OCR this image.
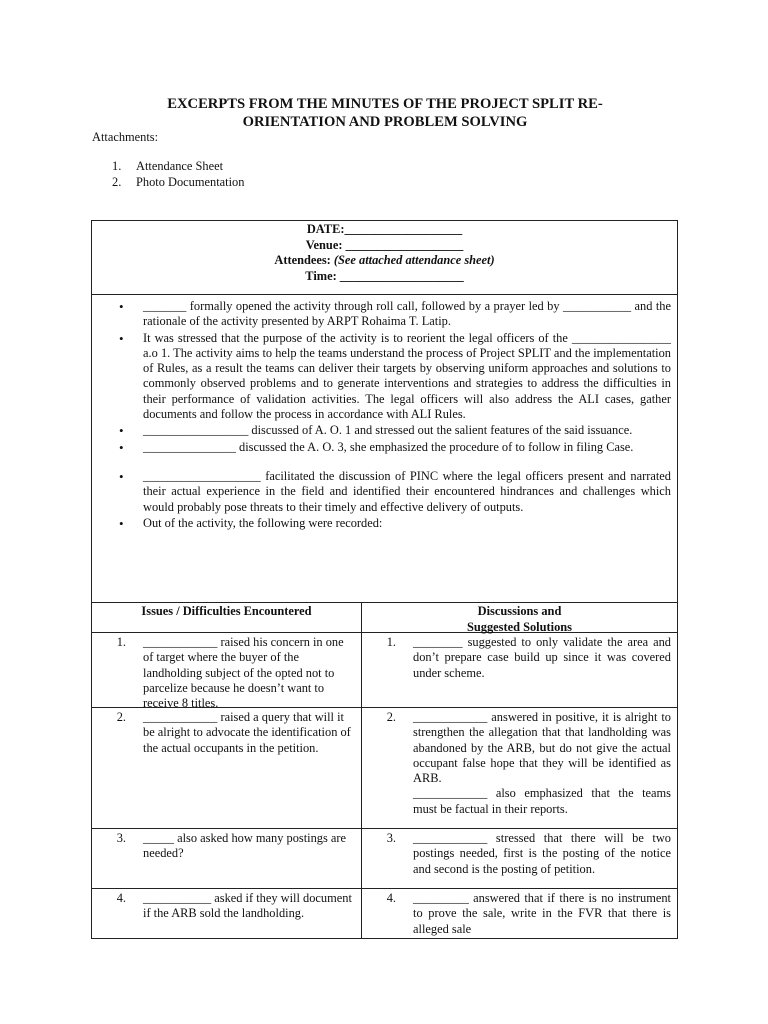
EXCERPTS FROM THE MINUTES OF THE PROJECT SPLIT RE-
ORIENTATION AND PROBLEM SOLVING
Attachments:
1.	Attendance Sheet
2.	Photo Documentation
DATE:___________________
Venue: ___________________
Attendees: (See attached attendance sheet)
Time: ____________________
• _______ formally opened the activity through roll call, followed by a prayer led by ___________ and the rationale of the activity presented by ARPT Rohaima T. Latip.
• It was stressed that the purpose of the activity is to reorient the legal officers of the ________________ a.o 1. The activity aims to help the teams understand the process of Project SPLIT and the implementation of Rules, as a result the teams can deliver their targets by observing uniform approaches and solutions to commonly observed problems and to generate interventions and strategies to address the difficulties in their performance of validation activities. The legal officers will also address the ALI cases, gather documents and follow the process in accordance with ALI Rules.
• _________________ discussed of A. O. 1 and stressed out the salient features of the said issuance.
• _______________ discussed the A. O. 3, she emphasized the procedure of to follow in filing Case.
• ___________________ facilitated the discussion of PINC where the legal officers present and narrated their actual experience in the field and identified their encountered hindrances and challenges which would probably pose threats to their timely and effective delivery of outputs.
• Out of the activity, the following were recorded:
Issues / Difficulties Encountered	Discussions and
Suggested Solutions
1.	____________ raised his concern in one of target where the buyer of the landholding subject of the opted not to parcelize because he doesn’t want to receive 8 titles.
1.	________ suggested to only validate the area and don’t prepare case build up since it was covered under scheme.
2.	____________ raised a query that will it be alright to advocate the identification of the actual occupants in the petition.
2.	____________ answered in positive, it is alright to strengthen the allegation that that landholding was abandoned by the ARB, but do not give the actual occupant false hope that they will be identified as ARB.
____________ also emphasized that the teams must be factual in their reports.
3.	_____ also asked how many postings are needed?
3.	____________ stressed that there will be two postings needed, first is the posting of the notice and second is the posting of petition.
4.	___________ asked if they will document if the ARB sold the landholding.
4.	_________ answered that if there is no instrument to prove the sale, write in the FVR that there is alleged sale
